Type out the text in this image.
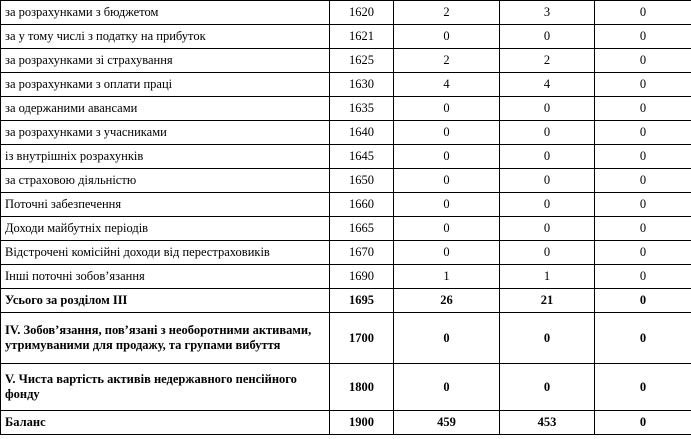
за розрахунками з бюджетом	1620	2	3	0
за у тому числі з податку на прибуток	1621	0	0	0
за розрахунками зі страхування	1625	2	2	0
за розрахунками з оплати праці	1630	4	4	0
за одержаними авансами	1635	0	0	0
за розрахунками з учасниками	1640	0	0	0
із внутрішніх розрахунків	1645	0	0	0
за страховою діяльністю	1650	0	0	0
Поточні забезпечення	1660	0	0	0
Доходи майбутніх періодів	1665	0	0	0
Відстрочені комісійні доходи від перестраховиків	1670	0	0	0
Інші поточні зобов’язання	1690	1	1	0
Усього за розділом ІІІ	1695	26	21	0
IV. Зобов’язання, пов’язані з необоротними активами, утримуваними для продажу, та групами вибуття	1700	0	0	0
V. Чиста вартість активів недержавного пенсійного фонду	1800	0	0	0
Баланс	1900	459	453	0
